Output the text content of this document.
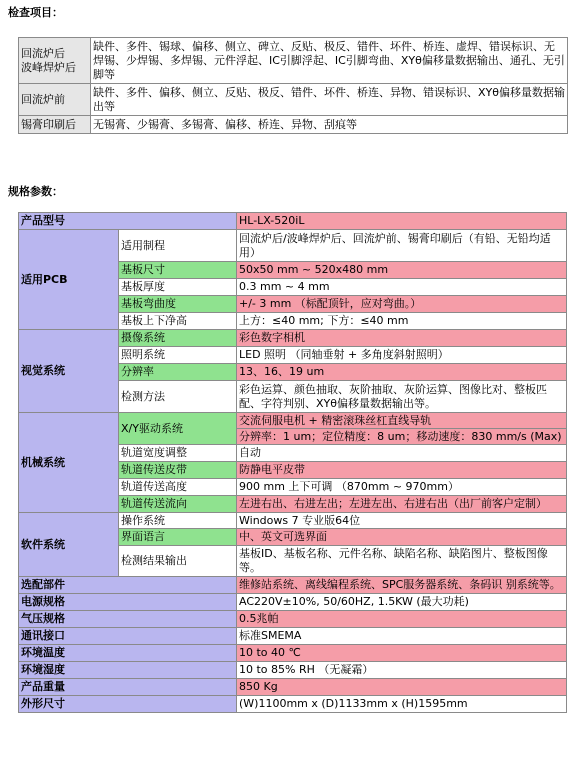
检查项目：
回流炉后
波峰焊炉后	缺件、多件、锡球、偏移、侧立、碑立、反贴、极反、错件、坏件、桥连、虚焊、错误标识、无焊锡、少焊锡、多焊锡、元件浮起、IC引脚浮起、IC引脚弯曲、XYθ偏移量数据输出、通孔、无引脚等
回流炉前	缺件、多件、偏移、侧立、反贴、极反、错件、坏件、桥连、异物、错误标识、XYθ偏移量数据输出等
锡膏印刷后	无锡膏、少锡膏、多锡膏、偏移、桥连、异物、刮痕等
规格参数：
产品型号		HL-LX-520iL
适用PCB	适用制程	回流炉后/波峰焊炉后、回流炉前、锡膏印刷后（有铅、无铅均适用）
	基板尺寸	50x50 mm ~ 520x480 mm
	基板厚度	0.3 mm ~ 4 mm
	基板弯曲度	+/- 3 mm （标配顶针，应对弯曲。）
	基板上下净高	上方：≤40 mm; 下方：≤40 mm
视觉系统	摄像系统	彩色数字相机
	照明系统	LED 照明 （同轴垂射 + 多角度斜射照明）
	分辨率	13、16、19 um
	检测方法	彩色运算、颜色抽取、灰阶抽取、灰阶运算、图像比对、整板匹配、字符判别、XYθ偏移量数据输出等。
机械系统	X/Y驱动系统	交流伺服电机 + 精密滚珠丝杠直线导轨
		分辨率：1 um；定位精度：8 um；移动速度：830 mm/s (Max)
	轨道宽度调整	自动
	轨道传送皮带	防静电平皮带
	轨道传送高度	900 mm 上下可调 （870mm ~ 970mm）
	轨道传送流向	左进右出、右进左出；左进左出、右进右出（出厂前客户定制）
软件系统	操作系统	Windows 7 专业版64位
	界面语言	中、英文可选界面
	检测结果输出	基板ID、基板名称、元件名称、缺陷名称、缺陷图片、整板图像等。
选配部件		维修站系统、离线编程系统、SPC服务器系统、条码识 别系统等。
电源规格		AC220V±10%, 50/60HZ, 1.5KW (最大功耗)
气压规格		0.5兆帕
通讯接口		标准SMEMA
环境温度		10 to 40 ℃
环境湿度		10 to 85% RH （无凝霜）
产品重量		850 Kg
外形尺寸		(W)1100mm x (D)1133mm x (H)1595mm
